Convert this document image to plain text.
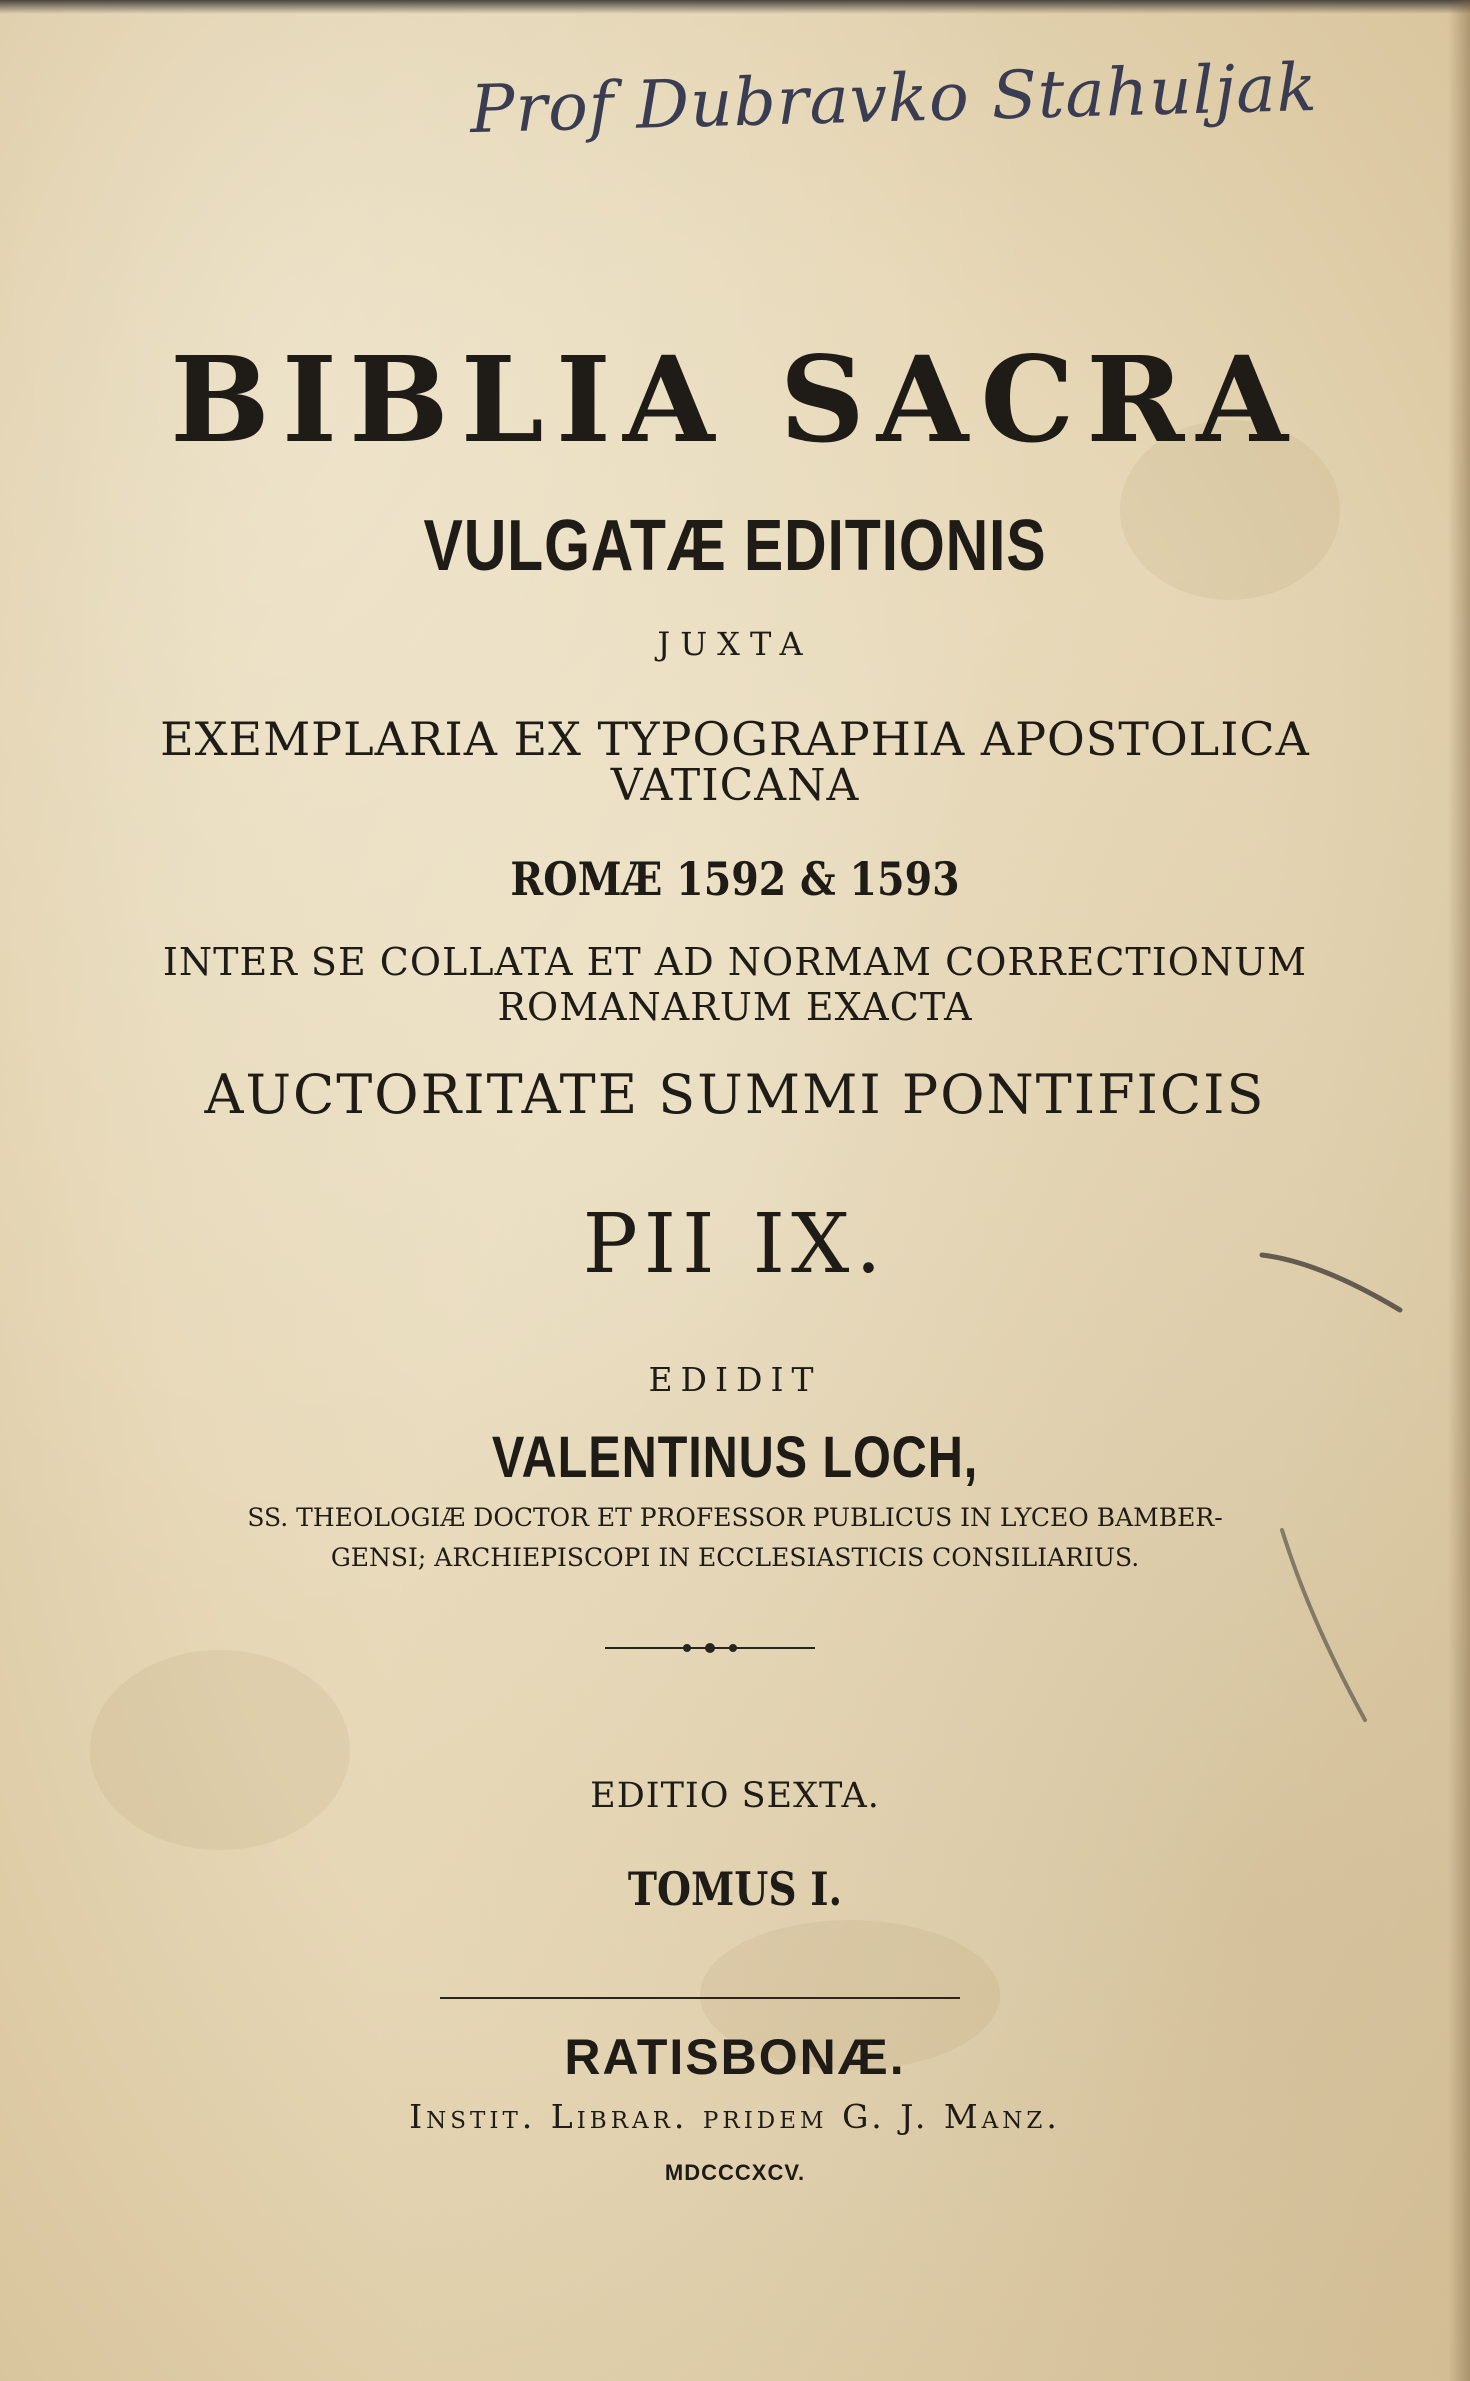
Prof Dubravko Stahuljak
BIBLIA SACRA
VULGATÆ EDITIONIS
JUXTA
EXEMPLARIA EX TYPOGRAPHIA APOSTOLICA
VATICANA
ROMÆ 1592 & 1593
INTER SE COLLATA ET AD NORMAM CORRECTIONUM
ROMANARUM EXACTA
AUCTORITATE SUMMI PONTIFICIS
PII IX.
EDIDIT
VALENTINUS LOCH,
SS. THEOLOGIÆ DOCTOR ET PROFESSOR PUBLICUS IN LYCEO BAMBER-
GENSI; ARCHIEPISCOPI IN ECCLESIASTICIS CONSILIARIUS.
EDITIO SEXTA.
TOMUS I.
RATISBONÆ.
Instit. Librar. pridem G. J. Manz.
MDCCCXCV.
